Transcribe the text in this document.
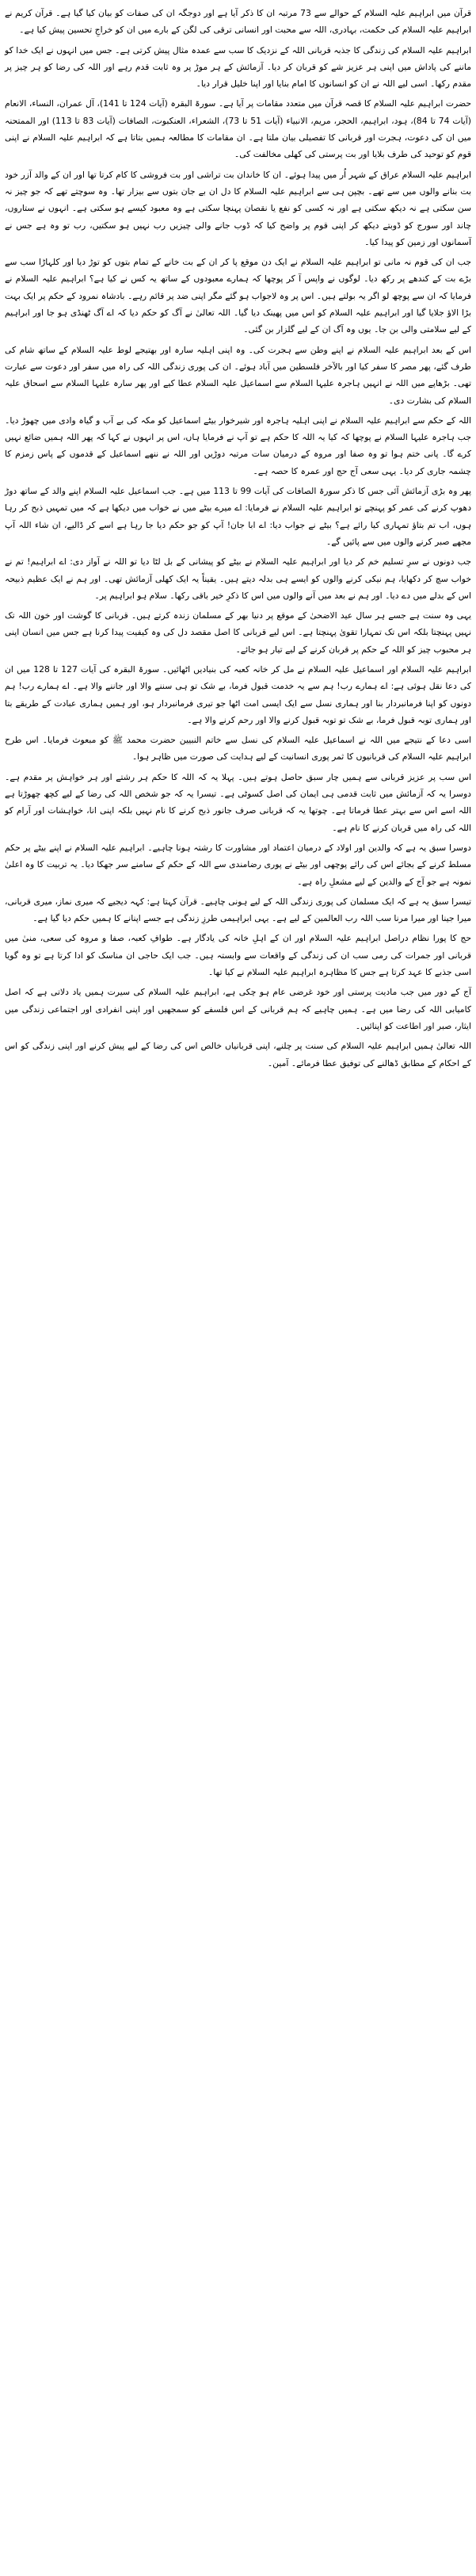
قرآن میں ابراہیم علیہ السلام کے حوالے سے 73 مرتبہ ان کا ذکر آیا ہے اور دوجگہ ان کی صفات کو بیان کیا گیا ہے۔ قرآن کریم نے ابراہیم علیہ السلام کی حکمت، بہادری، اللہ سے محبت اور انسانی ترقی کی لگن کے بارے میں ان کو خراجِ تحسین پیش کیا ہے۔

ابراہیم علیہ السلام کی زندگی کا جذبہ قربانی اللہ کے نزدیک کا سب سے عمدہ مثال پیش کرتی ہے۔ جس میں انہوں نے ایک خدا کو ماننے کی پاداش میں اپنی ہر عزیز شے کو قربان کر دیا۔ آزمائش کے ہر موڑ پر وہ ثابت قدم رہے اور اللہ کی رضا کو ہر چیز پر مقدم رکھا۔ اسی لیے اللہ نے ان کو انسانوں کا امام بنایا اور اپنا خلیل قرار دیا۔

حضرت ابراہیم علیہ السلام کا قصہ قرآن میں متعدد مقامات پر آیا ہے۔ سورۃ البقرہ (آیات 124 تا 141)، آل عمران، النساء، الانعام (آیات 74 تا 84)، ہود، ابراہیم، الحجر، مریم، الانبیاء (آیات 51 تا 73)، الشعراء، العنکبوت، الصافات (آیات 83 تا 113) اور الممتحنہ میں ان کی دعوت، ہجرت اور قربانی کا تفصیلی بیان ملتا ہے۔ ان مقامات کا مطالعہ ہمیں بتاتا ہے کہ ابراہیم علیہ السلام نے اپنی قوم کو توحید کی طرف بلایا اور بت پرستی کی کھلی مخالفت کی۔

ابراہیم علیہ السلام عراق کے شہر اُر میں پیدا ہوئے۔ ان کا خاندان بت تراشی اور بت فروشی کا کام کرتا تھا اور ان کے والد آزر خود بت بنانے والوں میں سے تھے۔ بچپن ہی سے ابراہیم علیہ السلام کا دل ان بے جان بتوں سے بیزار تھا۔ وہ سوچتے تھے کہ جو چیز نہ سن سکتی ہے نہ دیکھ سکتی ہے اور نہ کسی کو نفع یا نقصان پہنچا سکتی ہے وہ معبود کیسے ہو سکتی ہے۔ انہوں نے ستاروں، چاند اور سورج کو ڈوبتے دیکھ کر اپنی قوم پر واضح کیا کہ ڈوب جانے والی چیزیں رب نہیں ہو سکتیں، رب تو وہ ہے جس نے آسمانوں اور زمین کو پیدا کیا۔

جب ان کی قوم نہ مانی تو ابراہیم علیہ السلام نے ایک دن موقع پا کر ان کے بت خانے کے تمام بتوں کو توڑ دیا اور کلہاڑا سب سے بڑے بت کے کندھے پر رکھ دیا۔ لوگوں نے واپس آ کر پوچھا کہ ہمارے معبودوں کے ساتھ یہ کس نے کیا ہے؟ ابراہیم علیہ السلام نے فرمایا کہ ان سے پوچھ لو اگر یہ بولتے ہیں۔ اس پر وہ لاجواب ہو گئے مگر اپنی ضد پر قائم رہے۔ بادشاہ نمرود کے حکم پر ایک بہت بڑا الاؤ جلایا گیا اور ابراہیم علیہ السلام کو اس میں پھینک دیا گیا۔ اللہ تعالیٰ نے آگ کو حکم دیا کہ اے آگ ٹھنڈی ہو جا اور ابراہیم کے لیے سلامتی والی بن جا۔ یوں وہ آگ ان کے لیے گلزار بن گئی۔

اس کے بعد ابراہیم علیہ السلام نے اپنے وطن سے ہجرت کی۔ وہ اپنی اہلیہ سارہ اور بھتیجے لوط علیہ السلام کے ساتھ شام کی طرف گئے، پھر مصر کا سفر کیا اور بالآخر فلسطین میں آباد ہوئے۔ ان کی پوری زندگی اللہ کی راہ میں سفر اور دعوت سے عبارت تھی۔ بڑھاپے میں اللہ نے انہیں ہاجرہ علیہا السلام سے اسماعیل علیہ السلام عطا کیے اور پھر سارہ علیہا السلام سے اسحاق علیہ السلام کی بشارت دی۔

اللہ کے حکم سے ابراہیم علیہ السلام نے اپنی اہلیہ ہاجرہ اور شیرخوار بیٹے اسماعیل کو مکہ کی بے آب و گیاہ وادی میں چھوڑ دیا۔ جب ہاجرہ علیہا السلام نے پوچھا کہ کیا یہ اللہ کا حکم ہے تو آپ نے فرمایا ہاں، اس پر انہوں نے کہا کہ پھر اللہ ہمیں ضائع نہیں کرے گا۔ پانی ختم ہوا تو وہ صفا اور مروہ کے درمیان سات مرتبہ دوڑیں اور اللہ نے ننھے اسماعیل کے قدموں کے پاس زمزم کا چشمہ جاری کر دیا۔ یہی سعی آج حج اور عمرہ کا حصہ ہے۔

پھر وہ بڑی آزمائش آئی جس کا ذکر سورۃ الصافات کی آیات 99 تا 113 میں ہے۔ جب اسماعیل علیہ السلام اپنے والد کے ساتھ دوڑ دھوپ کرنے کی عمر کو پہنچے تو ابراہیم علیہ السلام نے فرمایا: اے میرے بیٹے میں نے خواب میں دیکھا ہے کہ میں تمہیں ذبح کر رہا ہوں، اب تم بتاؤ تمہاری کیا رائے ہے؟ بیٹے نے جواب دیا: اے ابا جان! آپ کو جو حکم دیا جا رہا ہے اسے کر ڈالیے، ان شاء اللہ آپ مجھے صبر کرنے والوں میں سے پائیں گے۔

جب دونوں نے سرِ تسلیم خم کر دیا اور ابراہیم علیہ السلام نے بیٹے کو پیشانی کے بل لٹا دیا تو اللہ نے آواز دی: اے ابراہیم! تم نے خواب سچ کر دکھایا، ہم نیکی کرنے والوں کو ایسے ہی بدلہ دیتے ہیں۔ یقیناً یہ ایک کھلی آزمائش تھی۔ اور ہم نے ایک عظیم ذبیحہ اس کے بدلے میں دے دیا۔ اور ہم نے بعد میں آنے والوں میں اس کا ذکرِ خیر باقی رکھا۔ سلام ہو ابراہیم پر۔

یہی وہ سنت ہے جسے ہر سال عید الاضحیٰ کے موقع پر دنیا بھر کے مسلمان زندہ کرتے ہیں۔ قربانی کا گوشت اور خون اللہ تک نہیں پہنچتا بلکہ اس تک تمہارا تقویٰ پہنچتا ہے۔ اس لیے قربانی کا اصل مقصد دل کی وہ کیفیت پیدا کرنا ہے جس میں انسان اپنی ہر محبوب چیز کو اللہ کے حکم پر قربان کرنے کے لیے تیار ہو جائے۔

ابراہیم علیہ السلام اور اسماعیل علیہ السلام نے مل کر خانہ کعبہ کی بنیادیں اٹھائیں۔ سورۃ البقرہ کی آیات 127 تا 128 میں ان کی دعا نقل ہوئی ہے: اے ہمارے رب! ہم سے یہ خدمت قبول فرما، بے شک تو ہی سننے والا اور جاننے والا ہے۔ اے ہمارے رب! ہم دونوں کو اپنا فرمانبردار بنا اور ہماری نسل سے ایک ایسی امت اٹھا جو تیری فرمانبردار ہو، اور ہمیں ہماری عبادت کے طریقے بتا اور ہماری توبہ قبول فرما، بے شک تو توبہ قبول کرنے والا اور رحم کرنے والا ہے۔

اسی دعا کے نتیجے میں اللہ نے اسماعیل علیہ السلام کی نسل سے خاتم النبیین حضرت محمد ﷺ کو مبعوث فرمایا۔ اس طرح ابراہیم علیہ السلام کی قربانیوں کا ثمر پوری انسانیت کے لیے ہدایت کی صورت میں ظاہر ہوا۔

اس سب پر عزیز قربانی سے ہمیں چار سبق حاصل ہوتے ہیں۔ پہلا یہ کہ اللہ کا حکم ہر رشتے اور ہر خواہش پر مقدم ہے۔ دوسرا یہ کہ آزمائش میں ثابت قدمی ہی ایمان کی اصل کسوٹی ہے۔ تیسرا یہ کہ جو شخص اللہ کی رضا کے لیے کچھ چھوڑتا ہے اللہ اسے اس سے بہتر عطا فرماتا ہے۔ چوتھا یہ کہ قربانی صرف جانور ذبح کرنے کا نام نہیں بلکہ اپنی انا، خواہشات اور آرام کو اللہ کی راہ میں قربان کرنے کا نام ہے۔

دوسرا سبق یہ ہے کہ والدین اور اولاد کے درمیان اعتماد اور مشاورت کا رشتہ ہونا چاہیے۔ ابراہیم علیہ السلام نے اپنے بیٹے پر حکم مسلط کرنے کے بجائے اس کی رائے پوچھی اور بیٹے نے پوری رضامندی سے اللہ کے حکم کے سامنے سر جھکا دیا۔ یہ تربیت کا وہ اعلیٰ نمونہ ہے جو آج کے والدین کے لیے مشعلِ راہ ہے۔

تیسرا سبق یہ ہے کہ ایک مسلمان کی پوری زندگی اللہ کے لیے ہونی چاہیے۔ قرآن کہتا ہے: کہہ دیجیے کہ میری نماز، میری قربانی، میرا جینا اور میرا مرنا سب اللہ رب العالمین کے لیے ہے۔ یہی ابراہیمی طرزِ زندگی ہے جسے اپنانے کا ہمیں حکم دیا گیا ہے۔

حج کا پورا نظام دراصل ابراہیم علیہ السلام اور ان کے اہلِ خانہ کی یادگار ہے۔ طوافِ کعبہ، صفا و مروہ کی سعی، منیٰ میں قربانی اور جمرات کی رمی سب ان کی زندگی کے واقعات سے وابستہ ہیں۔ جب ایک حاجی ان مناسک کو ادا کرتا ہے تو وہ گویا اسی جذبے کا عہد کرتا ہے جس کا مظاہرہ ابراہیم علیہ السلام نے کیا تھا۔

آج کے دور میں جب مادیت پرستی اور خود غرضی عام ہو چکی ہے، ابراہیم علیہ السلام کی سیرت ہمیں یاد دلاتی ہے کہ اصل کامیابی اللہ کی رضا میں ہے۔ ہمیں چاہیے کہ ہم قربانی کے اس فلسفے کو سمجھیں اور اپنی انفرادی اور اجتماعی زندگی میں ایثار، صبر اور اطاعت کو اپنائیں۔

اللہ تعالیٰ ہمیں ابراہیم علیہ السلام کی سنت پر چلنے، اپنی قربانیاں خالص اس کی رضا کے لیے پیش کرنے اور اپنی زندگی کو اس کے احکام کے مطابق ڈھالنے کی توفیق عطا فرمائے۔ آمین۔
